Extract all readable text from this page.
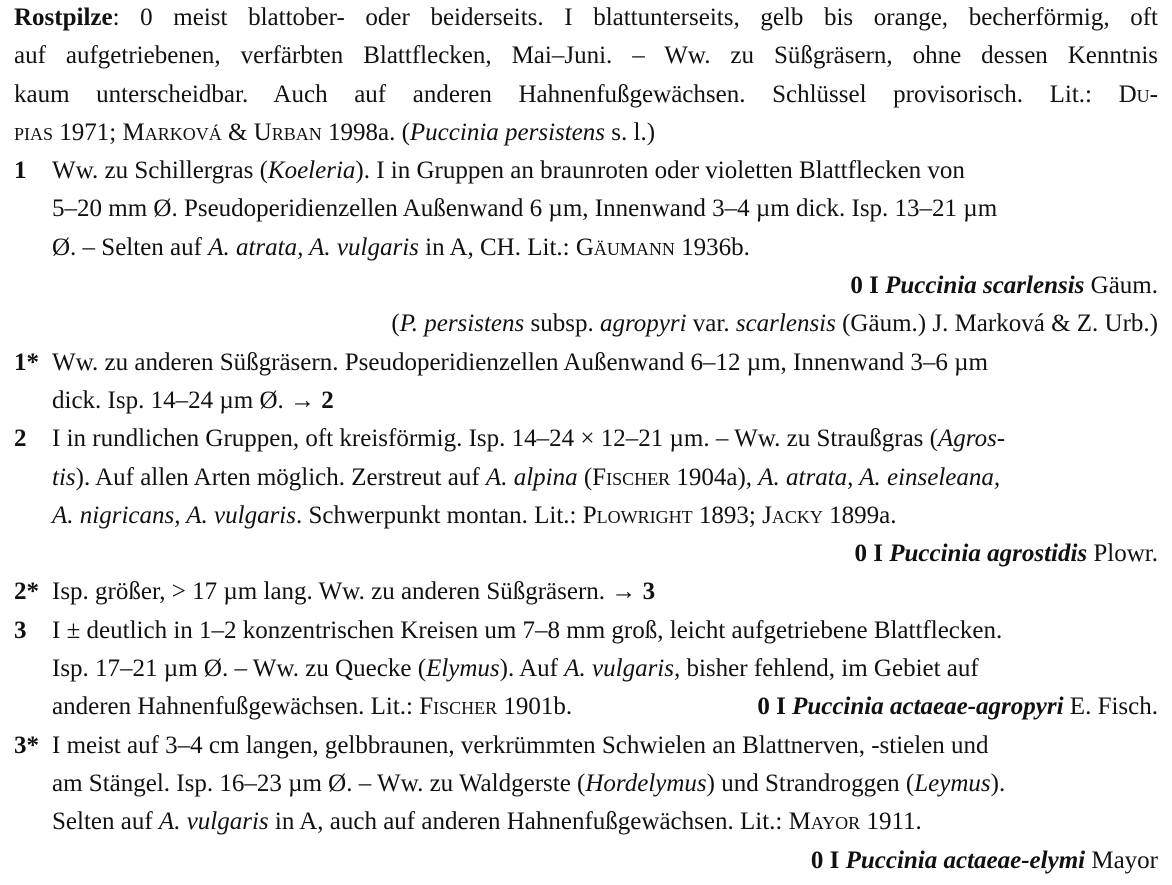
Rostpilze: 0 meist blattober- oder beiderseits. I blattunterseits, gelb bis orange, becherförmig, oft
auf aufgetriebenen, verfärbten Blattflecken, Mai–Juni. – Ww. zu Süßgräsern, ohne dessen Kenntnis
kaum unterscheidbar. Auch auf anderen Hahnenfußgewächsen. Schlüssel provisorisch. Lit.: Du-
pias 1971; Marková & Urban 1998a. (Puccinia persistens s. l.)
1 Ww. zu Schillergras (Koeleria). I in Gruppen an braunroten oder violetten Blattflecken von
5–20 mm Ø. Pseudoperidienzellen Außenwand 6 µm, Innenwand 3–4 µm dick. Isp. 13–21 µm
Ø. – Selten auf A. atrata, A. vulgaris in A, CH. Lit.: Gäumann 1936b.
0 I Puccinia scarlensis Gäum.
(P. persistens subsp. agropyri var. scarlensis (Gäum.) J. Marková & Z. Urb.)
1* Ww. zu anderen Süßgräsern. Pseudoperidienzellen Außenwand 6–12 µm, Innenwand 3–6 µm
dick. Isp. 14–24 µm Ø. → 2
2 I in rundlichen Gruppen, oft kreisförmig. Isp. 14–24 × 12–21 µm. – Ww. zu Straußgras (Agros-
tis). Auf allen Arten möglich. Zerstreut auf A. alpina (Fischer 1904a), A. atrata, A. einseleana,
A. nigricans, A. vulgaris. Schwerpunkt montan. Lit.: Plowright 1893; Jacky 1899a.
0 I Puccinia agrostidis Plowr.
2* Isp. größer, > 17 µm lang. Ww. zu anderen Süßgräsern. → 3
3 I ± deutlich in 1–2 konzentrischen Kreisen um 7–8 mm groß, leicht aufgetriebene Blattflecken.
Isp. 17–21 µm Ø. – Ww. zu Quecke (Elymus). Auf A. vulgaris, bisher fehlend, im Gebiet auf
anderen Hahnenfußgewächsen. Lit.: Fischer 1901b.	0 I Puccinia actaeae-agropyri E. Fisch.
3* I meist auf 3–4 cm langen, gelbbraunen, verkrümmten Schwielen an Blattnerven, -stielen und
am Stängel. Isp. 16–23 µm Ø. – Ww. zu Waldgerste (Hordelymus) und Strandroggen (Leymus).
Selten auf A. vulgaris in A, auch auf anderen Hahnenfußgewächsen. Lit.: Mayor 1911.
0 I Puccinia actaeae-elymi Mayor
